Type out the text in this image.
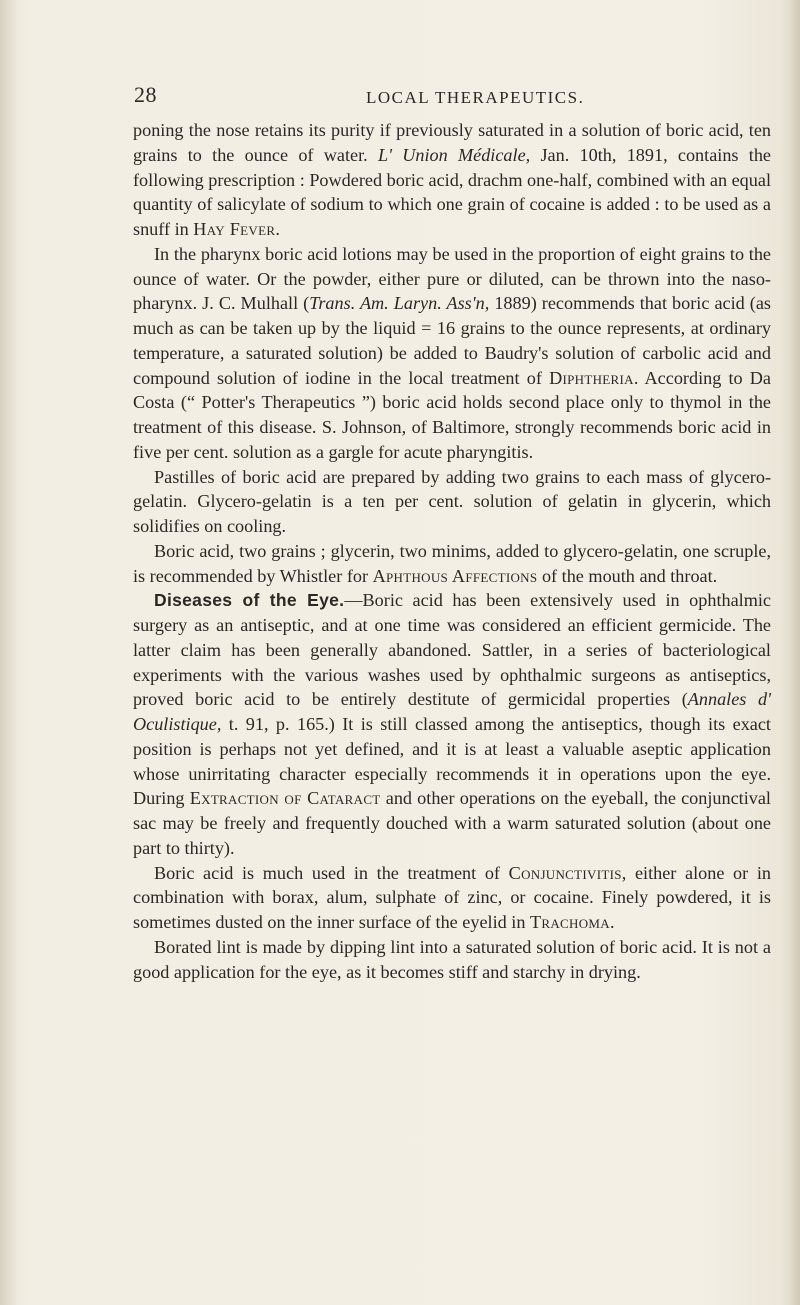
28	LOCAL THERAPEUTICS.

poning the nose retains its purity if previously saturated in a solution of boric acid, ten grains to the ounce of water. L' Union Médicale, Jan. 10th, 1891, contains the following prescription : Powdered boric acid, drachm one-half, combined with an equal quantity of salicylate of sodium to which one grain of cocaine is added : to be used as a snuff in Hay Fever.

In the pharynx boric acid lotions may be used in the proportion of eight grains to the ounce of water. Or the powder, either pure or diluted, can be thrown into the naso-pharynx. J. C. Mulhall (Trans. Am. Laryn. Ass'n, 1889) recommends that boric acid (as much as can be taken up by the liquid = 16 grains to the ounce represents, at ordinary temperature, a saturated solution) be added to Baudry's solution of carbolic acid and compound solution of iodine in the local treatment of Diphtheria. According to Da Costa (“ Potter's Therapeutics ”) boric acid holds second place only to thymol in the treatment of this disease. S. Johnson, of Baltimore, strongly recommends boric acid in five per cent. solution as a gargle for acute pharyngitis.

Pastilles of boric acid are prepared by adding two grains to each mass of glycero-gelatin. Glycero-gelatin is a ten per cent. solution of gelatin in glycerin, which solidifies on cooling.

Boric acid, two grains ; glycerin, two minims, added to glycero-gelatin, one scruple, is recommended by Whistler for Aphthous Affections of the mouth and throat.

Diseases of the Eye.—Boric acid has been extensively used in ophthalmic surgery as an antiseptic, and at one time was considered an efficient germicide. The latter claim has been generally abandoned. Sattler, in a series of bacteriological experiments with the various washes used by ophthalmic surgeons as antiseptics, proved boric acid to be entirely destitute of germicidal properties (Annales d' Oculistique, t. 91, p. 165.) It is still classed among the antiseptics, though its exact position is perhaps not yet defined, and it is at least a valuable aseptic application whose unirritating character especially recommends it in operations upon the eye. During Extraction of Cataract and other operations on the eyeball, the conjunctival sac may be freely and frequently douched with a warm saturated solution (about one part to thirty).

Boric acid is much used in the treatment of Conjunctivitis, either alone or in combination with borax, alum, sulphate of zinc, or cocaine. Finely powdered, it is sometimes dusted on the inner surface of the eyelid in Trachoma.

Borated lint is made by dipping lint into a saturated solution of boric acid. It is not a good application for the eye, as it becomes stiff and starchy in drying.
